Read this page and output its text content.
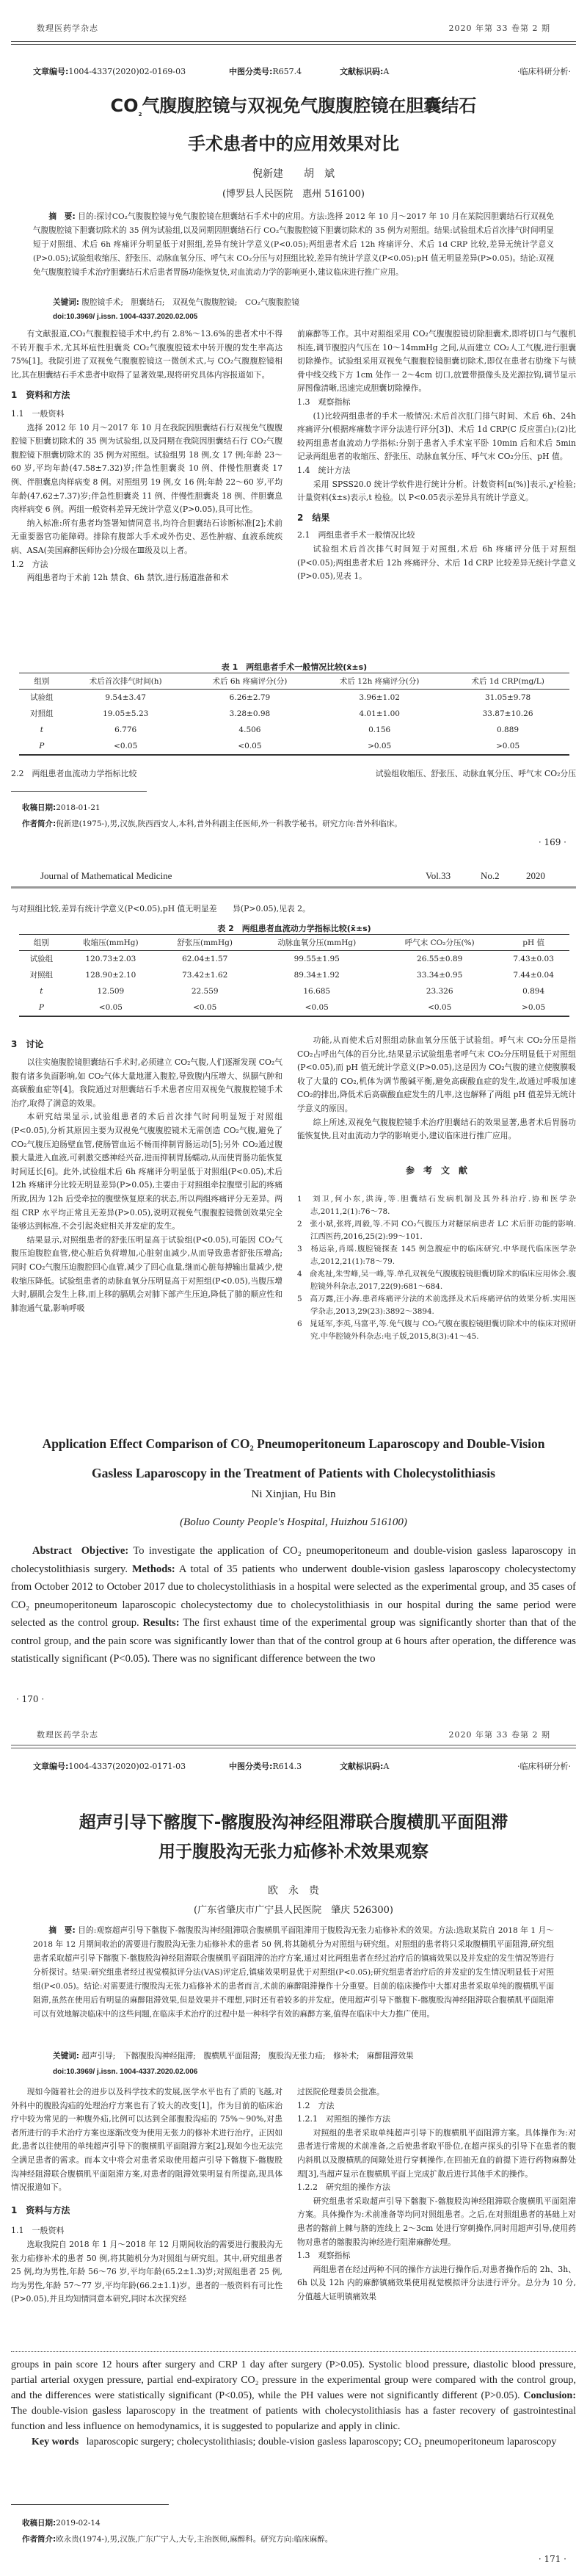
数理医药学杂志	2020 年第 33 卷第 2 期
文章编号:1004-4337(2020)02-0169-03	中图分类号:R657.4	文献标识码:A	·临床科研分析·
$CO_2$气腹腹腔镜与双视免气腹腹腔镜在胆囊结石
手术患者中的应用效果对比
倪新建　　胡　斌
(博罗县人民医院　惠州 516100)
摘　要: 目的:探讨CO₂气腹腹腔镜与免气腹腔镜在胆囊结石手术中的应用。方法:选择 2012 年 10 月～2017 年 10 月在某院因胆囊结石行双视免气腹腹腔镜下胆囊切除术的 35 例为试验组,以及同期因胆囊结石行 CO₂气腹腹腔镜下胆囊切除术的 35 例为对照组。结果:试验组术后首次排气时间明显短于对照组、术后 6h 疼痛评分明显低于对照组,差异有统计学意义(P<0.05);两组患者术后 12h 疼痛评分、术后 1d CRP 比较,差异无统计学意义(P>0.05);试验组收缩压、舒张压、动脉血氧分压、呼气末 CO₂分压与对照组比较,差异有统计学意义(P<0.05);pH 值无明显差异(P>0.05)。结论:双视免气腹腹腔镜手术治疗胆囊结石术后患者胃肠功能恢复快,对血流动力学的影响更小,建议临床进行推广应用。
关键词: 腹腔镜手术;　胆囊结石;　双视免气腹腹腔镜;　CO₂气腹腹腔镜
doi:10.3969/ j.issn. 1004-4337.2020.02.005
有文献报道,CO₂气腹腹腔镜手术中,约有 2.8%～13.6%的患者术中不得不转开腹手术,尤其坏疽性胆囊炎 CO₂气腹腹腔镜术中转开腹的发生率高达 75%[1]。我院引进了双视免气腹腹腔镜这一微创术式,与 CO₂气腹腹腔镜相比,其在胆囊结石手术患者中取得了显著效果,现将研究具体内容报道如下。
1　资料和方法
1.1　一般资料
选择 2012 年 10 月～2017 年 10 月在我院因胆囊结石行双视免气腹腹腔镜下胆囊切除术的 35 例为试验组,以及同期在我院因胆囊结石行 CO₂气腹腹腔镜下胆囊切除术的 35 例为对照组。试验组男 18 例,女 17 例;年龄 23～60 岁,平均年龄(47.58±7.32)岁;伴急性胆囊炎 10 例、伴慢性胆囊炎 17 例、伴胆囊息肉样病变 8 例。对照组男 19 例,女 16 例;年龄 22～60 岁,平均年龄(47.62±7.37)岁;伴急性胆囊炎 11 例、伴慢性胆囊炎 18 例、伴胆囊息肉样病变 6 例。两组一般资料差异无统计学意义(P>0.05),具可比性。
纳入标准:所有患者均签署知情同意书,均符合胆囊结石诊断标准[2];术前无重要器官功能障碍。排除有腹部大手术或外伤史、恶性肿瘤、血液系统疾病、ASA(美国麻醉医师协会)分级在Ⅲ级及以上者。
1.2　方法
两组患者均于术前 12h 禁食、6h 禁饮,进行肠道准备和术
前麻醉等工作。其中对照组采用 CO₂气腹腹腔镜切除胆囊术,即将切口与气腹机相连,调节腹腔内气压在 10～14mmHg 之间,从而建立 CO₂人工气腹,进行胆囊切除操作。试验组采用双视免气腹腹腔镜胆囊切除术,即仅在患者右肋缘下与锁骨中线交线下方 1cm 处作一 2～4cm 切口,放置带摄像头及光源拉钩,调节显示屏图像清晰,迅速完成胆囊切除操作。
1.3　观察指标
(1)比较两组患者的手术一般情况:术后首次肛门排气时间、术后 6h、24h 疼痛评分(根据疼痛数字评分法进行评分[3])、术后 1d CRP(C 反应蛋白);(2)比较两组患者血流动力学指标:分别于患者入手术室平卧 10min 后和术后 5min 记录两组患者的收缩压、舒张压、动脉血氧分压、呼气末 CO₂分压、pH 值。
1.4　统计方法
采用 SPSS20.0 统计学软件进行统计分析。计数资料[n(%)]表示,χ²检验;计量资料(x̄±s)表示,t 检验。以 P<0.05表示差异具有统计学意义。
2　结果
2.1　两组患者手术一般情况比较
试验组术后首次排气时间短于对照组,术后 6h 疼痛评分低于对照组(P<0.05);两组患者术后 12h 疼痛评分、术后 1d CRP 比较差异无统计学意义(P>0.05),见表 1。
表 1　两组患者手术一般情况比较(x̄±s)
组别	术后首次排气时间(h)	术后 6h 疼痛评分(分)	术后 12h 疼痛评分(分)	术后 1d CRP(mg/L)
试验组	9.54±3.47	6.26±2.79	3.96±1.02	31.05±9.78
对照组	19.05±5.23	3.28±0.98	4.01±1.00	33.87±10.26
t	6.776	4.506	0.156	0.889
P	<0.05	<0.05	>0.05	>0.05
2.2　两组患者血流动力学指标比较	试验组收缩压、舒张压、动脉血氧分压、呼气末 CO₂分压
收稿日期:2018-01-21
作者简介:倪新建(1975-),男,汉族,陕西西安人,本科,普外科副主任医师,外一科教学秘书。研究方向:普外科临床。
· 169 ·
Journal of Mathematical Medicine	Vol.33	No.2	2020
与对照组比较,差异有统计学意义(P<0.05),pH 值无明显差　　异(P>0.05),见表 2。
表 2　两组患者血流动力学指标比较(x̄±s)
组别	收缩压(mmHg)	舒张压(mmHg)	动脉血氧分压(mmHg)	呼气末 CO₂分压(%)	pH 值
试验组	120.73±2.03	62.04±1.57	99.55±1.95	26.55±0.89	7.43±0.03
对照组	128.90±2.10	73.42±1.62	89.34±1.92	33.34±0.95	7.44±0.04
t	12.509	22.559	16.685	23.326	0.894
P	<0.05	<0.05	<0.05	<0.05	>0.05
3　讨论
以往实施腹腔镜胆囊结石手术时,必须建立 CO₂气腹,人们逐渐发现 CO₂气腹有诸多负面影响,如 CO₂气体大量地灌入腹腔,导致腹内压增大、纵膈气肿和高碳酸血症等[4]。我院通过对胆囊结石手术患者应用双视免气腹腹腔镜手术治疗,取得了满意的效果。
本研究结果显示,试验组患者的术后首次排气时间明显短于对照组(P<0.05),分析其原因主要为双视免气腹腹腔镜术无需创造 CO₂气腹,避免了 CO₂气腹压迫肠壁血管,使肠管血运不畅而抑制胃肠运动[5];另外 CO₂通过腹膜大量进入血液,可刺激交感神经兴奋,进而抑制胃肠蠕动,从而使胃肠功能恢复时间延长[6]。此外,试验组术后 6h 疼痛评分明显低于对照组(P<0.05),术后 12h 疼痛评分比较无明显差异(P>0.05),主要由于对照组牵拉腹壁引起的疼痛所致,因为 12h 后受牵拉的腹壁恢复原来的状态,所以两组疼痛评分无差异。两组 CRP 水平均正常且无差异(P>0.05),说明双视免气腹腹腔镜微创效果完全能够达到标准,不会引起炎症相关并发症的发生。
结果显示,对照组患者的舒张压明显高于试验组(P<0.05),可能因 CO₂气腹压迫腹腔血管,使心脏后负荷增加,心脏射血减少,从而导致患者舒张压增高;同时 CO₂气腹压迫腹腔回心血管,减少了回心血量,继而心脏每搏输出量减少,使收缩压降低。试验组患者的动脉血氧分压明显高于对照组(P<0.05),当腹压增大时,膈肌会发生上移,而上移的膈肌会对肺下部产生压迫,降低了肺的顺应性和肺泡通气量,影响呼吸
功能,从而使术后对照组动脉血氧分压低于试验组。呼气末 CO₂分压是指 CO₂占呼出气体的百分比,结果显示试验组患者呼气末 CO₂分压明显低于对照组(P<0.05),而 pH 值无统计学意义(P>0.05),这是因为 CO₂气腹的建立使腹膜吸收了大量的 CO₂,机体为调节酸碱平衡,避免高碳酸血症的发生,故通过呼吸加速 CO₂的排出,降低术后高碳酸血症发生的几率,这也解释了两组 pH 值差异无统计学意义的原因。
综上所述,双视免气腹腹腔镜手术治疗胆囊结石的效果显著,患者术后胃肠功能恢复快,且对血流动力学的影响更小,建议临床进行推广应用。
参　考　文　献
1　刘卫,何小东,洪涛,等.胆囊结石发病机制及其外科治疗.协和医学杂志,2011,2(1):76～78.
2　张小斌,张将,周毅,等.不同 CO₂气腹压力对糖尿病患者 LC 术后肝功能的影响.江西医药,2016,25(2):99～101.
3　杨运泉,肖瑶.腹腔镜探查 145 例急腹症中的临床研究.中华现代临床医学杂志,2012,21(1):78～79.
4　俞兆祉,朱雪峰,吴一峰,等.单孔双视免气腹腹腔镜胆囊切除术的临床应用体会.腹腔镜外科杂志,2017,22(9):681～684.
5　高万露,汪小海.患者疼痛评分法的术前选择及术后疼痛评估的效果分析.实用医学杂志,2013,29(23):3892～3894.
6　晁延军,李英,马富平,等.免气腹与 CO₂气腹在腹腔镜胆囊切除术中的临床对照研究.中华腔镜外科杂志:电子版,2015,8(3):41～45.
Application Effect Comparison of CO₂ Pneumoperitoneum Laparoscopy and Double-Vision
Gasless Laparoscopy in the Treatment of Patients with Cholecystolithiasis
Ni Xinjian, Hu Bin
(Boluo County People's Hospital, Huizhou 516100)
Abstract Objective: To investigate the application of CO₂ pneumoperitoneum and double-vision gasless laparoscopy in cholecystolithiasis surgery. Methods: A total of 35 patients who underwent double-vision gasless laparoscopy cholecystectomy from October 2012 to October 2017 due to cholecystolithiasis in a hospital were selected as the experimental group, and 35 cases of CO₂ pneumoperitoneum laparoscopic cholecystectomy due to cholecystolithiasis in our hospital during the same period were selected as the control group. Results: The first exhaust time of the experimental group was significantly shorter than that of the control group, and the pain score was significantly lower than that of the control group at 6 hours after operation, the difference was statistically significant (P<0.05). There was no significant difference between the two
· 170 ·
数理医药学杂志	2020 年第 33 卷第 2 期
文章编号:1004-4337(2020)02-0171-03	中图分类号:R614.3	文献标识码:A	·临床科研分析·
超声引导下髂腹下-髂腹股沟神经阻滞联合腹横肌平面阻滞
用于腹股沟无张力疝修补术效果观察
欧　永　贵
(广东省肇庆市广宁县人民医院　肇庆 526300)
摘　要: 目的:观察超声引导下髂腹下-髂腹股沟神经阻滞联合腹横肌平面阻滞用于腹股沟无张力疝修补术的效果。方法:选取某院自 2018 年 1 月～2018 年 12 月期间收治的需要进行腹股沟无张力疝修补术的患者 50 例,将其随机分为对照组与研究组。对照组的患者将只采取腹横肌平面阻滞,研究组患者采取超声引导下髂腹下-髂腹股沟神经阻滞联合腹横肌平面阻滞的治疗方案,通过对比两组患者在经过治疗后的镇痛效果以及并发症的发生情况等进行分析探讨。结果:研究组患者经过视觉模拟评分法(VAS)评定后,镇痛效果明显优于对照组(P<0.05);研究组患者治疗后的并发症的发生情况明显低于对照组(P<0.05)。结论:对需要进行腹股沟无张力疝修补术的患者而言,术前的麻醉阻滞操作十分重要。目前的临床操作中大都对患者采取单纯的腹横肌平面阻滞,虽然在使用后有明显的麻醉阻滞效果,但是效果并不理想,同时还有着较多的并发症。使用超声引导下髂腹下-髂腹股沟神经阻滞联合腹横肌平面阻滞可以有效地解决临床中的这些问题,在临床手术治疗的过程中是一种科学有效的麻醉方案,值得在临床中大力推广使用。
关键词: 超声引导;　下髂腹股沟神经阻滞;　腹横肌平面阻滞;　腹股沟无张力疝;　修补术;　麻醉阻滞效果
doi:10.3969/ j.issn. 1004-4337.2020.02.006
现如今随着社会的进步以及科学技术的发展,医学水平也有了质的飞越,对外科中的腹股沟疝的处理治疗方案也有了较大的改变[1]。作为目前的临床治疗中较为常见的一种腹外疝,比例可以达到全部腹股沟疝的 75%～90%,对患者所进行的手术治疗方案也逐渐改变为使用无张力的修补术进行治疗。正因如此,患者以往使用的单纯超声引导下的腹横肌平面阻滞方案[2],现如今也无法完全满足患者的需求。而本文中将会对患者采取使用超声引导下髂腹下-髂腹股沟神经阻滞联合腹横肌平面阻滞方案,对患者的阻滞效果明显有所提高,现具体情况报道如下。
1　资料与方法
1.1　一般资料
选取我院自 2018 年 1 月～2018 年 12 月期间收治的需要进行腹股沟无张力疝修补术的患者 50 例,将其随机分为对照组与研究组。其中,研究组患者 25 例,均为男性,年龄 56～76 岁,平均年龄(65.2±1.3)岁;对照组患者 25 例,均为男性,年龄 57～77 岁,平均年龄(66.2±1.1)岁。患者的一般资料有可比性(P>0.05),并且均知情同意本研究,同时本次探究经
过医院伦理委员会批准。
1.2　方法
1.2.1　对照组的操作方法
对照组的患者采取单纯超声引导下的腹横肌平面阻滞方案。具体操作为:对患者进行常规的术前准备,之后使患者取平卧位,在超声探头的引导下在患者的腹内斜肌以及腹横肌的间隙处进行穿刺操作,在回抽无血的前提下进行药物麻醉处理[3],当超声显示在腹横肌平面上完成扩散后进行其他手术的操作。
1.2.2　研究组的操作方法
研究组患者采取超声引导下髂腹下-髂腹股沟神经阻滞联合腹横肌平面阻滞方案。具体操作为:术前准备等均同对照组患者。之后,在对照组患者的基础上对患者的髂前上棘与脐的连线上 2～3cm 处进行穿刺操作,同时用超声引导,使用药物对患者的髂腹股沟神经进行阻滞麻醉处理。
1.3　观察指标
两组患者在经过两种不同的操作方法进行操作后,对患者操作后的 2h、3h、6h 以及 12h 内的麻醉镇痛效果使用视觉模拟评分法进行评分。总分为 10 分,分值越大证明镇痛效果
groups in pain score 12 hours after surgery and CRP 1 day after surgery (P>0.05). Systolic blood pressure, diastolic blood pressure, partial arterial oxygen pressure, partial end-expiratory CO₂ pressure in the experimental group were compared with the control group, and the differences were statistically significant (P<0.05), while the PH values were not significantly different (P>0.05). Conclusion: The double-vision gasless laparoscopy in the treatment of patients with cholecystolithiasis has a faster recovery of gastrointestinal function and less influence on hemodynamics, it is suggested to popularize and apply in clinic.
Key words laparoscopic surgery; cholecystolithiasis; double-vision gasless laparoscopy; CO₂ pneumoperitoneum laparoscopy
收稿日期:2019-02-14
作者简介:欧永贵(1974-),男,汉族,广东广宁人,大专,主治医师,麻醉科。研究方向:临床麻醉。
· 171 ·
